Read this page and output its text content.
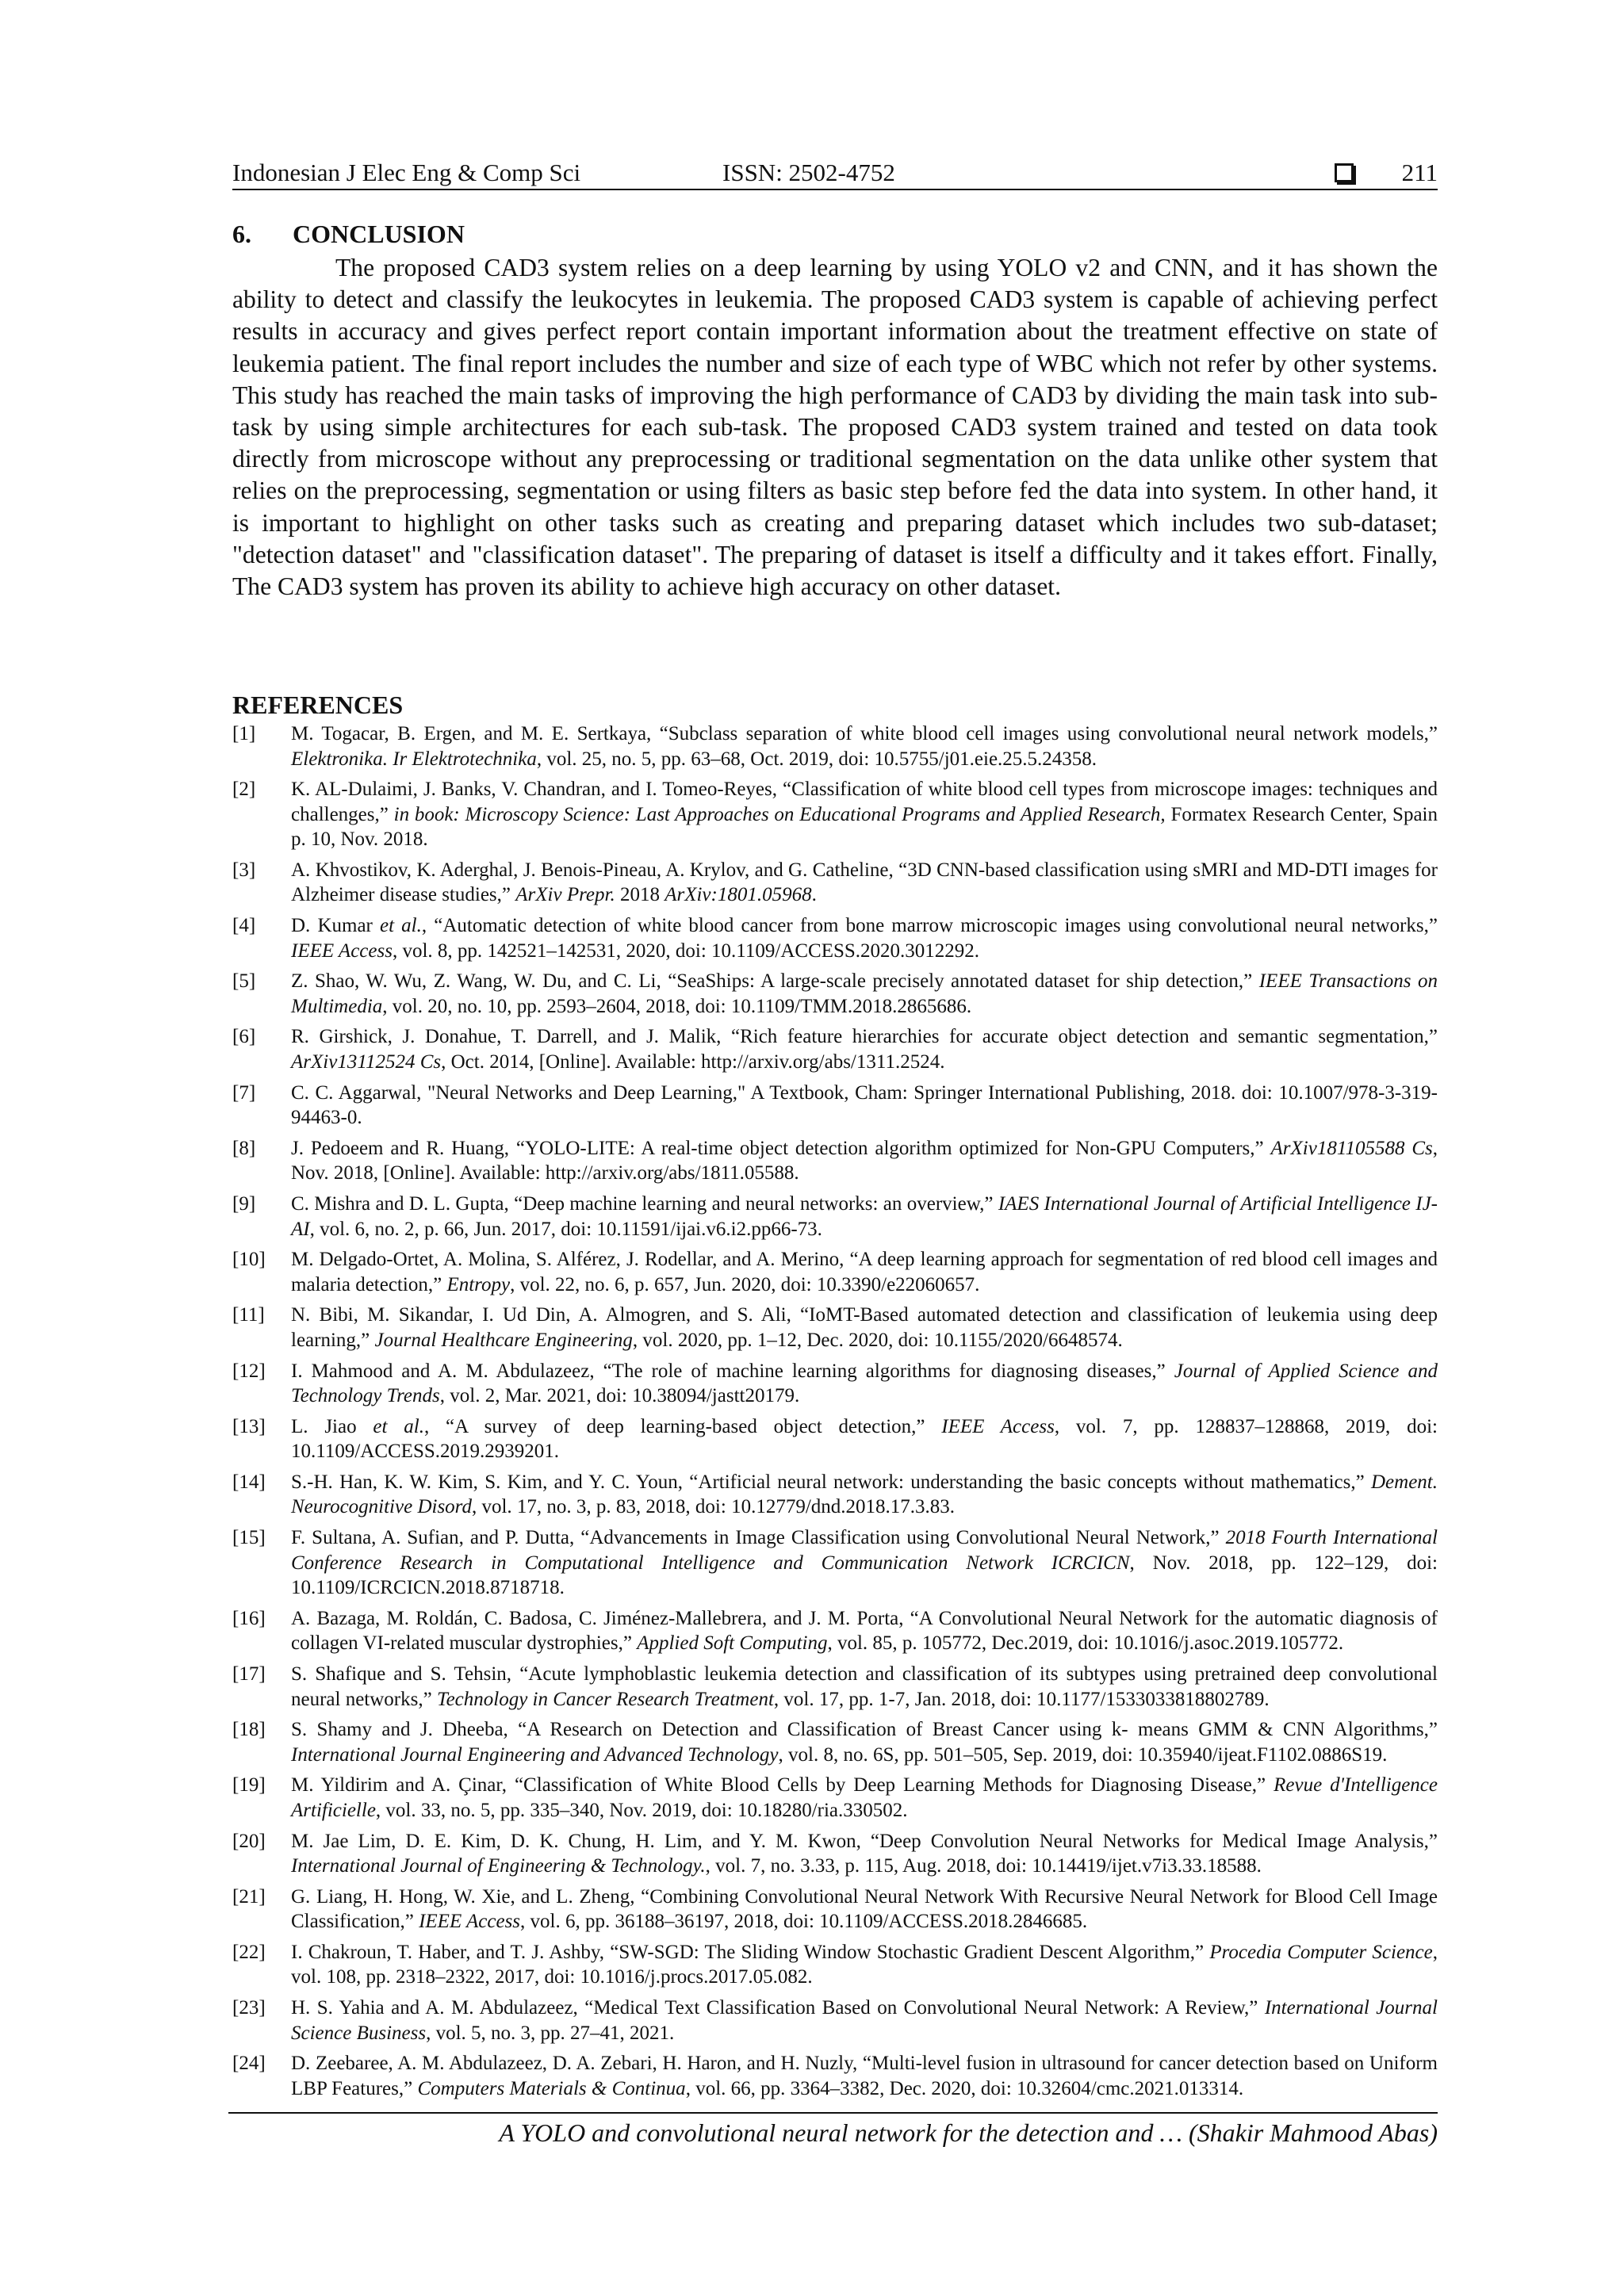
Indonesian J Elec Eng & Comp Sci	ISSN: 2502-4752	211
6. CONCLUSION
The proposed CAD3 system relies on a deep learning by using YOLO v2 and CNN, and it has shown the ability to detect and classify the leukocytes in leukemia. The proposed CAD3 system is capable of achieving perfect results in accuracy and gives perfect report contain important information about the treatment effective on state of leukemia patient. The final report includes the number and size of each type of WBC which not refer by other systems. This study has reached the main tasks of improving the high performance of CAD3 by dividing the main task into sub-task by using simple architectures for each sub-task. The proposed CAD3 system trained and tested on data took directly from microscope without any preprocessing or traditional segmentation on the data unlike other system that relies on the preprocessing, segmentation or using filters as basic step before fed the data into system. In other hand, it is important to highlight on other tasks such as creating and preparing dataset which includes two sub-dataset; "detection dataset" and "classification dataset". The preparing of dataset is itself a difficulty and it takes effort. Finally, The CAD3 system has proven its ability to achieve high accuracy on other dataset.
REFERENCES
[1] M. Togacar, B. Ergen, and M. E. Sertkaya, “Subclass separation of white blood cell images using convolutional neural network models,” Elektronika. Ir Elektrotechnika, vol. 25, no. 5, pp. 63–68, Oct. 2019, doi: 10.5755/j01.eie.25.5.24358.
[2] K. AL-Dulaimi, J. Banks, V. Chandran, and I. Tomeo-Reyes, “Classification of white blood cell types from microscope images: techniques and challenges,” in book: Microscopy Science: Last Approaches on Educational Programs and Applied Research, Formatex Research Center, Spain p. 10, Nov. 2018.
[3] A. Khvostikov, K. Aderghal, J. Benois-Pineau, A. Krylov, and G. Catheline, “3D CNN-based classification using sMRI and MD-DTI images for Alzheimer disease studies,” ArXiv Prepr. 2018 ArXiv:1801.05968.
[4] D. Kumar et al., “Automatic detection of white blood cancer from bone marrow microscopic images using convolutional neural networks,” IEEE Access, vol. 8, pp. 142521–142531, 2020, doi: 10.1109/ACCESS.2020.3012292.
[5] Z. Shao, W. Wu, Z. Wang, W. Du, and C. Li, “SeaShips: A large-scale precisely annotated dataset for ship detection,” IEEE Transactions on Multimedia, vol. 20, no. 10, pp. 2593–2604, 2018, doi: 10.1109/TMM.2018.2865686.
[6] R. Girshick, J. Donahue, T. Darrell, and J. Malik, “Rich feature hierarchies for accurate object detection and semantic segmentation,” ArXiv13112524 Cs, Oct. 2014, [Online]. Available: http://arxiv.org/abs/1311.2524.
[7] C. C. Aggarwal, "Neural Networks and Deep Learning," A Textbook, Cham: Springer International Publishing, 2018. doi: 10.1007/978-3-319-94463-0.
[8] J. Pedoeem and R. Huang, “YOLO-LITE: A real-time object detection algorithm optimized for Non-GPU Computers,” ArXiv181105588 Cs, Nov. 2018, [Online]. Available: http://arxiv.org/abs/1811.05588.
[9] C. Mishra and D. L. Gupta, “Deep machine learning and neural networks: an overview,” IAES International Journal of Artificial Intelligence IJ-AI, vol. 6, no. 2, p. 66, Jun. 2017, doi: 10.11591/ijai.v6.i2.pp66-73.
[10] M. Delgado-Ortet, A. Molina, S. Alférez, J. Rodellar, and A. Merino, “A deep learning approach for segmentation of red blood cell images and malaria detection,” Entropy, vol. 22, no. 6, p. 657, Jun. 2020, doi: 10.3390/e22060657.
[11] N. Bibi, M. Sikandar, I. Ud Din, A. Almogren, and S. Ali, “IoMT-Based automated detection and classification of leukemia using deep learning,” Journal Healthcare Engineering, vol. 2020, pp. 1–12, Dec. 2020, doi: 10.1155/2020/6648574.
[12] I. Mahmood and A. M. Abdulazeez, “The role of machine learning algorithms for diagnosing diseases,” Journal of Applied Science and Technology Trends, vol. 2, Mar. 2021, doi: 10.38094/jastt20179.
[13] L. Jiao et al., “A survey of deep learning-based object detection,” IEEE Access, vol. 7, pp. 128837–128868, 2019, doi: 10.1109/ACCESS.2019.2939201.
[14] S.-H. Han, K. W. Kim, S. Kim, and Y. C. Youn, “Artificial neural network: understanding the basic concepts without mathematics,” Dement. Neurocognitive Disord, vol. 17, no. 3, p. 83, 2018, doi: 10.12779/dnd.2018.17.3.83.
[15] F. Sultana, A. Sufian, and P. Dutta, “Advancements in Image Classification using Convolutional Neural Network,” 2018 Fourth International Conference Research in Computational Intelligence and Communication Network ICRCICN, Nov. 2018, pp. 122–129, doi: 10.1109/ICRCICN.2018.8718718.
[16] A. Bazaga, M. Roldán, C. Badosa, C. Jiménez-Mallebrera, and J. M. Porta, “A Convolutional Neural Network for the automatic diagnosis of collagen VI-related muscular dystrophies,” Applied Soft Computing, vol. 85, p. 105772, Dec.2019, doi: 10.1016/j.asoc.2019.105772.
[17] S. Shafique and S. Tehsin, “Acute lymphoblastic leukemia detection and classification of its subtypes using pretrained deep convolutional neural networks,” Technology in Cancer Research Treatment, vol. 17, pp. 1-7, Jan. 2018, doi: 10.1177/1533033818802789.
[18] S. Shamy and J. Dheeba, “A Research on Detection and Classification of Breast Cancer using k- means GMM & CNN Algorithms,” International Journal Engineering and Advanced Technology, vol. 8, no. 6S, pp. 501–505, Sep. 2019, doi: 10.35940/ijeat.F1102.0886S19.
[19] M. Yildirim and A. Çinar, “Classification of White Blood Cells by Deep Learning Methods for Diagnosing Disease,” Revue d'Intelligence Artificielle, vol. 33, no. 5, pp. 335–340, Nov. 2019, doi: 10.18280/ria.330502.
[20] M. Jae Lim, D. E. Kim, D. K. Chung, H. Lim, and Y. M. Kwon, “Deep Convolution Neural Networks for Medical Image Analysis,” International Journal of Engineering & Technology., vol. 7, no. 3.33, p. 115, Aug. 2018, doi: 10.14419/ijet.v7i3.33.18588.
[21] G. Liang, H. Hong, W. Xie, and L. Zheng, “Combining Convolutional Neural Network With Recursive Neural Network for Blood Cell Image Classification,” IEEE Access, vol. 6, pp. 36188–36197, 2018, doi: 10.1109/ACCESS.2018.2846685.
[22] I. Chakroun, T. Haber, and T. J. Ashby, “SW-SGD: The Sliding Window Stochastic Gradient Descent Algorithm,” Procedia Computer Science, vol. 108, pp. 2318–2322, 2017, doi: 10.1016/j.procs.2017.05.082.
[23] H. S. Yahia and A. M. Abdulazeez, “Medical Text Classification Based on Convolutional Neural Network: A Review,” International Journal Science Business, vol. 5, no. 3, pp. 27–41, 2021.
[24] D. Zeebaree, A. M. Abdulazeez, D. A. Zebari, H. Haron, and H. Nuzly, “Multi-level fusion in ultrasound for cancer detection based on Uniform LBP Features,” Computers Materials & Continua, vol. 66, pp. 3364–3382, Dec. 2020, doi: 10.32604/cmc.2021.013314.
A YOLO and convolutional neural network for the detection and … (Shakir Mahmood Abas)
